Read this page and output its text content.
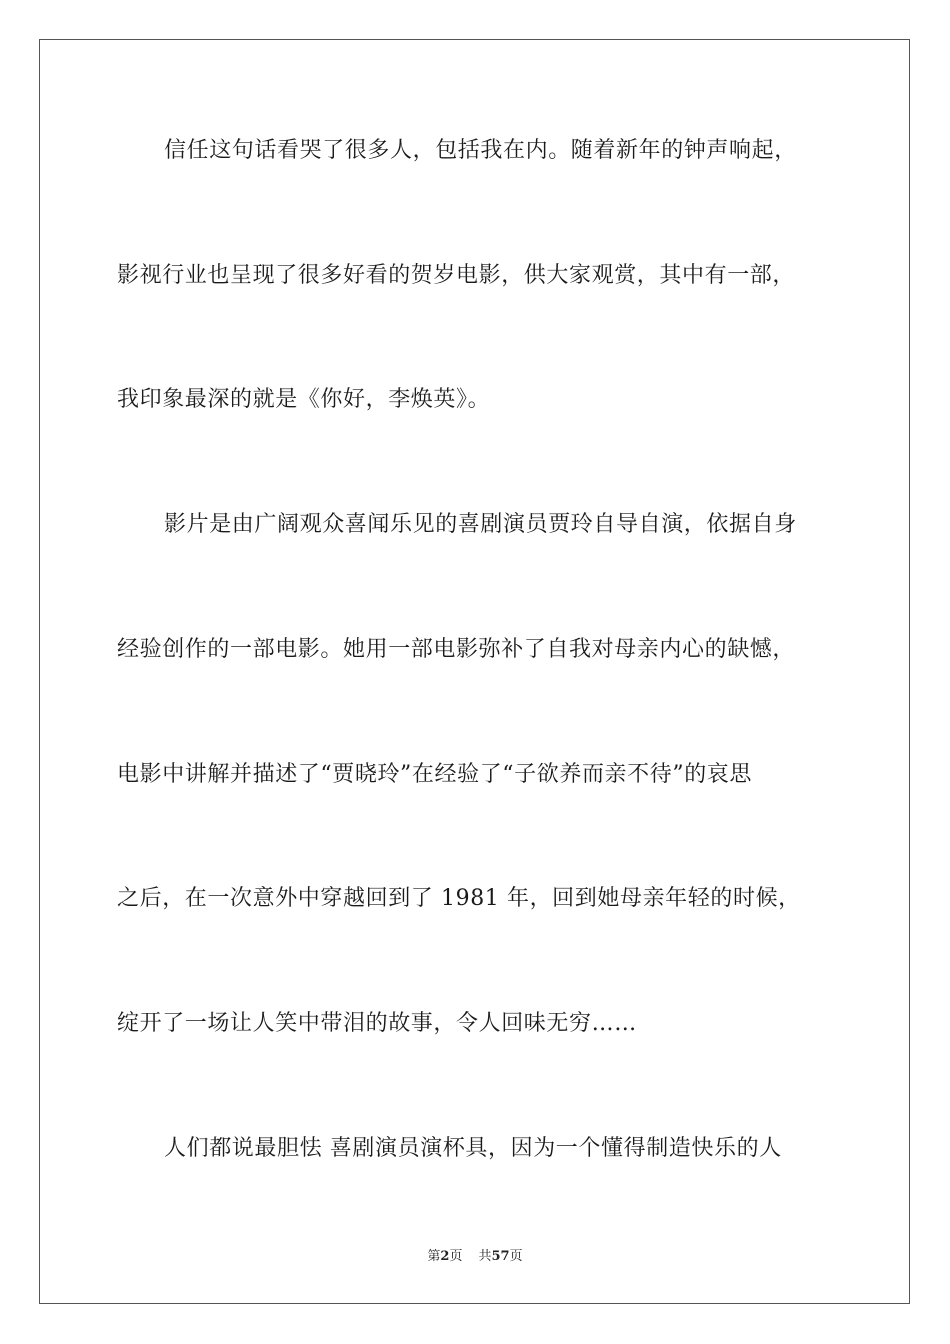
信任这句话看哭了很多人，包括我在内。随着新年的钟声响起，
影视行业也呈现了很多好看的贺岁电影，供大家观赏，其中有一部，
我印象最深的就是《你好，李焕英》。
影片是由广阔观众喜闻乐见的喜剧演员贾玲自导自演，依据自身
经验创作的一部电影。她用一部电影弥补了自我对母亲内心的缺憾，
电影中讲解并描述了“贾晓玲”在经验了“子欲养而亲不待”的哀思
之后，在一次意外中穿越回到了 1981 年，回到她母亲年轻的时候，
绽开了一场让人笑中带泪的故事，令人回味无穷……
人们都说最胆怯 喜剧演员演杯具，因为一个懂得制造快乐的人
第2页 共57页
